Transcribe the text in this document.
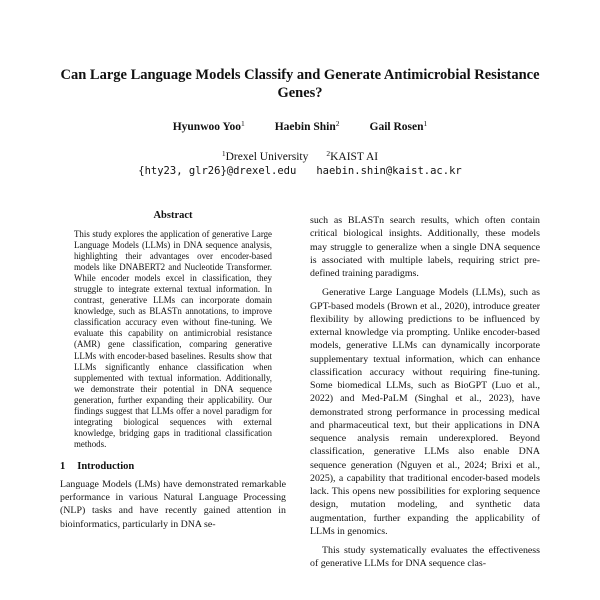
Can Large Language Models Classify and Generate Antimicrobial Resistance Genes?
Hyunwoo Yoo$^1$	Haebin Shin$^2$	Gail Rosen$^1$
$^1$Drexel University $^2$KAIST AI
{hty23, glr26}@drexel.edu haebin.shin@kaist.ac.kr
Abstract

This study explores the application of generative Large Language Models (LLMs) in DNA sequence analysis, highlighting their advantages over encoder-based models like DNABERT2 and Nucleotide Transformer. While encoder models excel in classification, they struggle to integrate external textual information. In contrast, generative LLMs can incorporate domain knowledge, such as BLASTn annotations, to improve classification accuracy even without fine-tuning. We evaluate this capability on antimicrobial resistance (AMR) gene classification, comparing generative LLMs with encoder-based baselines. Results show that LLMs significantly enhance classification when supplemented with textual information. Additionally, we demonstrate their potential in DNA sequence generation, further expanding their applicability. Our findings suggest that LLMs offer a novel paradigm for integrating biological sequences with external knowledge, bridging gaps in traditional classification methods.

1 Introduction

Language Models (LMs) have demonstrated remarkable performance in various Natural Language Processing (NLP) tasks and have recently gained attention in bioinformatics, particularly in DNA se-

such as BLASTn search results, which often contain critical biological insights. Additionally, these models may struggle to generalize when a single DNA sequence is associated with multiple labels, requiring strict pre-defined training paradigms.

Generative Large Language Models (LLMs), such as GPT-based models (Brown et al., 2020), introduce greater flexibility by allowing predictions to be influenced by external knowledge via prompting. Unlike encoder-based models, generative LLMs can dynamically incorporate supplementary textual information, which can enhance classification accuracy without requiring fine-tuning. Some biomedical LLMs, such as BioGPT (Luo et al., 2022) and Med-PaLM (Singhal et al., 2023), have demonstrated strong performance in processing medical and pharmaceutical text, but their applications in DNA sequence analysis remain underexplored. Beyond classification, generative LLMs also enable DNA sequence generation (Nguyen et al., 2024; Brixi et al., 2025), a capability that traditional encoder-based models lack. This opens new possibilities for exploring sequence design, mutation modeling, and synthetic data augmentation, further expanding the applicability of LLMs in genomics.

This study systematically evaluates the effectiveness of generative LLMs for DNA sequence clas-
